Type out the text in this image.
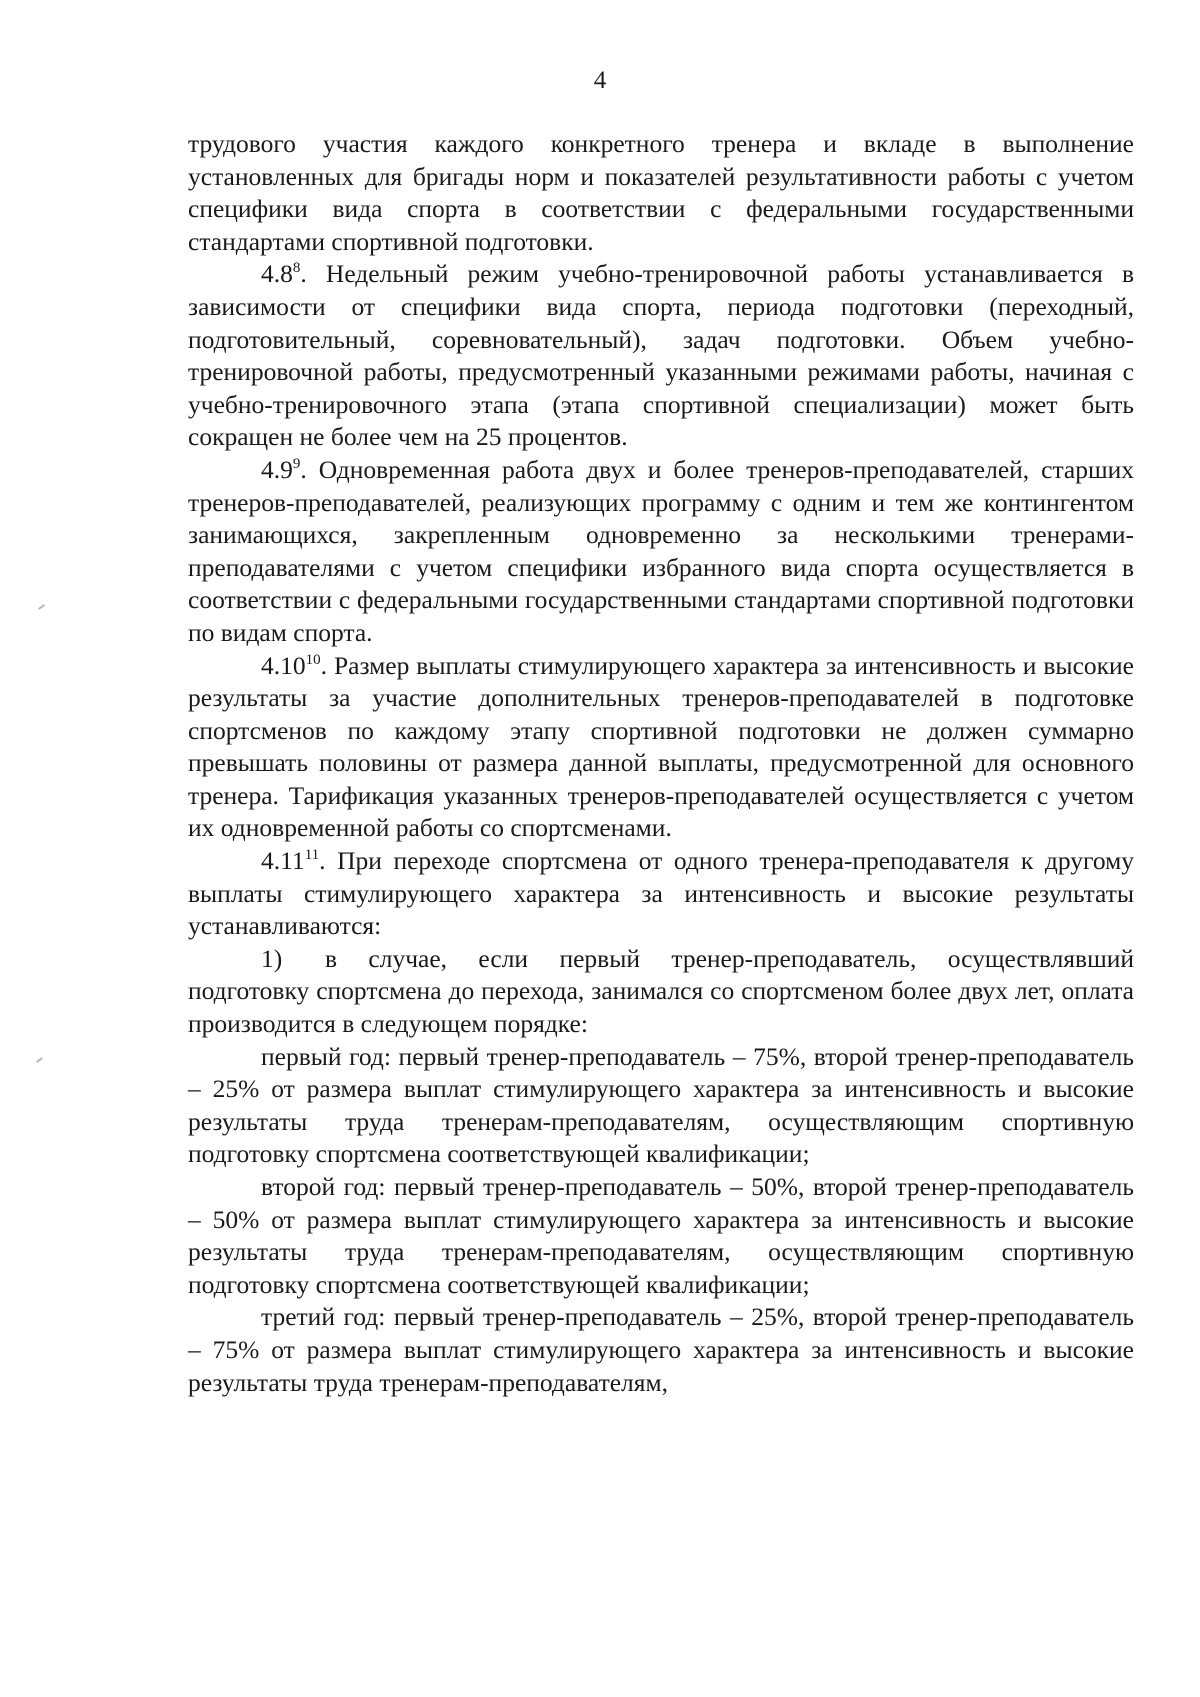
4

трудового участия каждого конкретного тренера и вкладе в выполнение установленных для бригады норм и показателей результативности работы с учетом специфики вида спорта в соответствии с федеральными государственными стандартами спортивной подготовки.

$4.8^8$. Недельный режим учебно-тренировочной работы устанавливается в зависимости от специфики вида спорта, периода подготовки (переходный, подготовительный, соревновательный), задач подготовки. Объем учебно-тренировочной работы, предусмотренный указанными режимами работы, начиная с учебно-тренировочного этапа (этапа спортивной специализации) может быть сокращен не более чем на 25 процентов.

$4.9^9$. Одновременная работа двух и более тренеров-преподавателей, старших тренеров-преподавателей, реализующих программу с одним и тем же контингентом занимающихся, закрепленным одновременно за несколькими тренерами-преподавателями с учетом специфики избранного вида спорта осуществляется в соответствии с федеральными государственными стандартами спортивной подготовки по видам спорта.

4.10$^{10}$. Размер выплаты стимулирующего характера за интенсивность и высокие результаты за участие дополнительных тренеров-преподавателей в подготовке спортсменов по каждому этапу спортивной подготовки не должен суммарно превышать половины от размера данной выплаты, предусмотренной для основного тренера. Тарификация указанных тренеров-преподавателей осуществляется с учетом их одновременной работы со спортсменами.

4.11$^{11}$. При переходе спортсмена от одного тренера-преподавателя к другому выплаты стимулирующего характера за интенсивность и высокие результаты устанавливаются:

1) в случае, если первый тренер-преподаватель, осуществлявший подготовку спортсмена до перехода, занимался со спортсменом более двух лет, оплата производится в следующем порядке:

первый год: первый тренер-преподаватель – 75%, второй тренер-преподаватель – 25% от размера выплат стимулирующего характера за интенсивность и высокие результаты труда тренерам-преподавателям, осуществляющим спортивную подготовку спортсмена соответствующей квалификации;

второй год: первый тренер-преподаватель – 50%, второй тренер-преподаватель – 50% от размера выплат стимулирующего характера за интенсивность и высокие результаты труда тренерам-преподавателям, осуществляющим спортивную подготовку спортсмена соответствующей квалификации;

третий год: первый тренер-преподаватель – 25%, второй тренер-преподаватель – 75% от размера выплат стимулирующего характера за интенсивность и высокие результаты труда тренерам-преподавателям,
